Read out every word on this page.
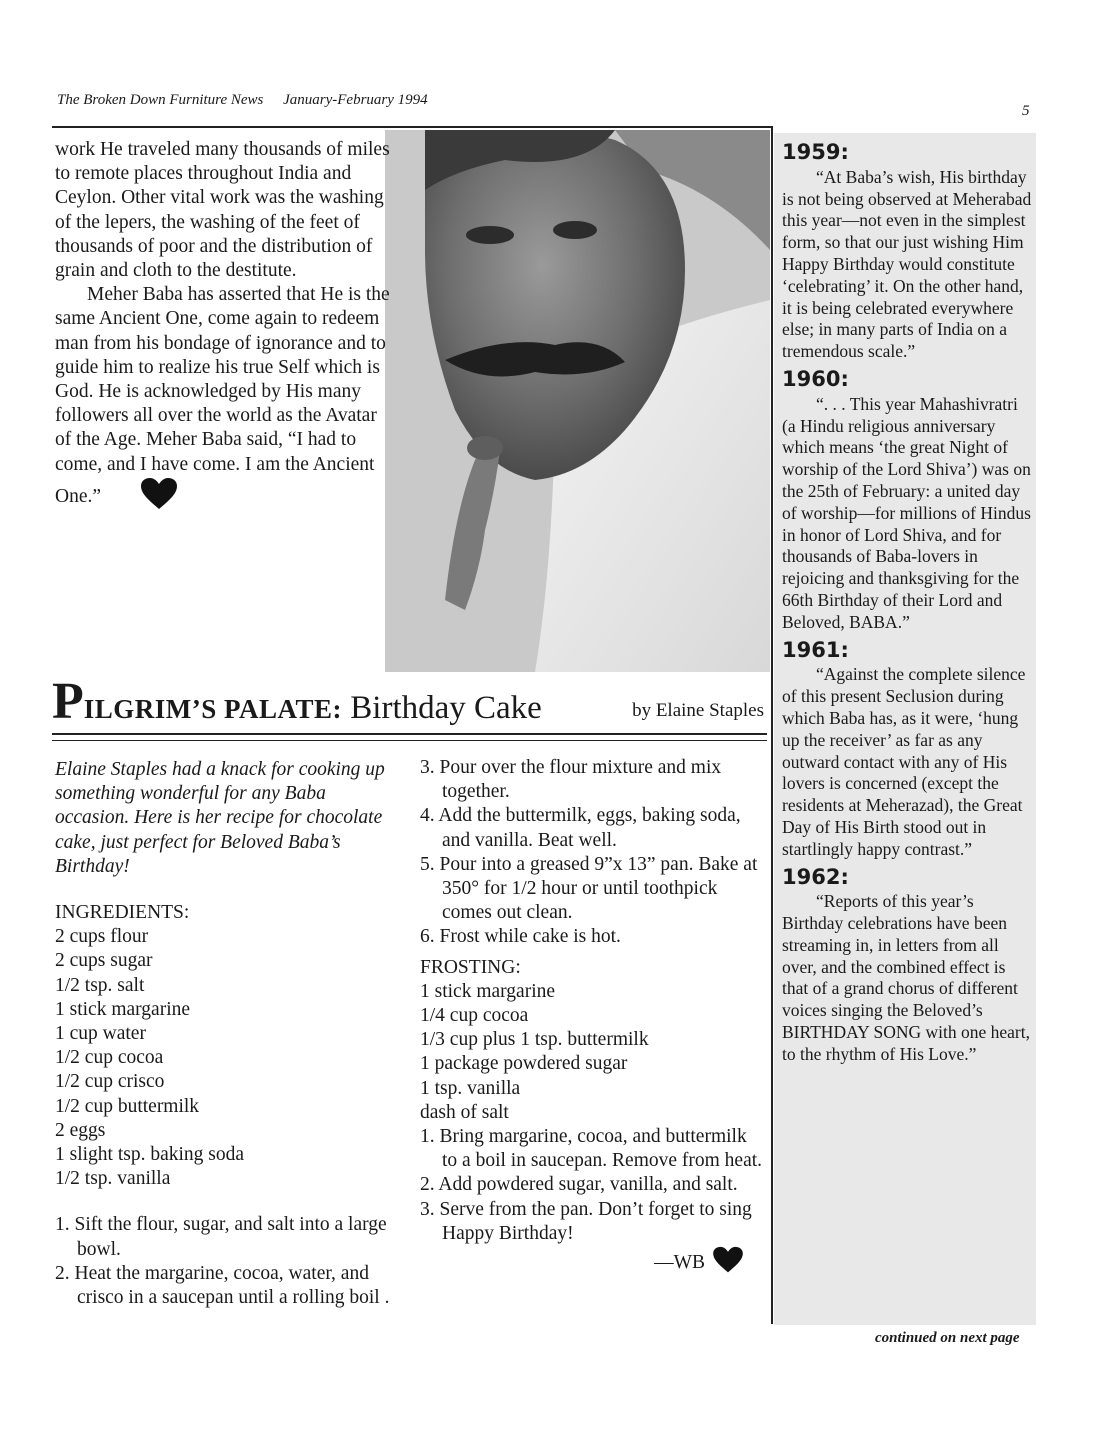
The Broken Down Furniture News January-February 1994
5

work He traveled many thousands of miles to remote places throughout India and Ceylon. Other vital work was the washing of the lepers, the washing of the feet of thousands of poor and the distribution of grain and cloth to the destitute.

Meher Baba has asserted that He is the same Ancient One, come again to redeem man from his bondage of ignorance and to guide him to realize his true Self which is God. He is acknowledged by His many followers all over the world as the Avatar of the Age. Meher Baba said, “I had to come, and I have come. I am the Ancient One.”

PILGRIM’S PALATE: Birthday Cake	by Elaine Staples

Elaine Staples had a knack for cooking up something wonderful for any Baba occasion. Here is her recipe for chocolate cake, just perfect for Beloved Baba’s Birthday!

INGREDIENTS:

2 cups flour
2 cups sugar
1/2 tsp. salt
1 stick margarine
1 cup water
1/2 cup cocoa
1/2 cup crisco
1/2 cup buttermilk
2 eggs
1 slight tsp. baking soda
1/2 tsp. vanilla
1. Sift the flour, sugar, and salt into a large bowl.
2. Heat the margarine, cocoa, water, and crisco in a saucepan until a rolling boil .
3. Pour over the flour mixture and mix together.
4. Add the buttermilk, eggs, baking soda, and vanilla. Beat well.
5. Pour into a greased 9”x 13” pan. Bake at 350° for 1/2 hour or until toothpick comes out clean.
6. Frost while cake is hot.

FROSTING:

1 stick margarine
1/4 cup cocoa
1/3 cup plus 1 tsp. buttermilk
1 package powdered sugar
1 tsp. vanilla
dash of salt
1. Bring margarine, cocoa, and buttermilk to a boil in saucepan. Remove from heat.
2. Add powdered sugar, vanilla, and salt.
3. Serve from the pan. Don’t forget to sing Happy Birthday!

—WB

1959:

“At Baba’s wish, His birthday is not being observed at Meherabad this year—not even in the simplest form, so that our just wishing Him Happy Birthday would constitute ‘celebrating’ it. On the other hand, it is being celebrated everywhere else; in many parts of India on a tremendous scale.”

1960:

“. . . This year Mahashivratri (a Hindu religious anniversary which means ‘the great Night of worship of the Lord Shiva’) was on the 25th of February: a united day of worship—for millions of Hindus in honor of Lord Shiva, and for thousands of Baba-lovers in rejoicing and thanksgiving for the 66th Birthday of their Lord and Beloved, BABA.”

1961:

“Against the complete silence of this present Seclusion during which Baba has, as it were, ‘hung up the receiver’ as far as any outward contact with any of His lovers is concerned (except the residents at Meherazad), the Great Day of His Birth stood out in startlingly happy contrast.”

1962:

“Reports of this year’s Birthday celebrations have been streaming in, in letters from all over, and the combined effect is that of a grand chorus of different voices singing the Beloved’s BIRTHDAY SONG with one heart, to the rhythm of His Love.”

continued on next page
